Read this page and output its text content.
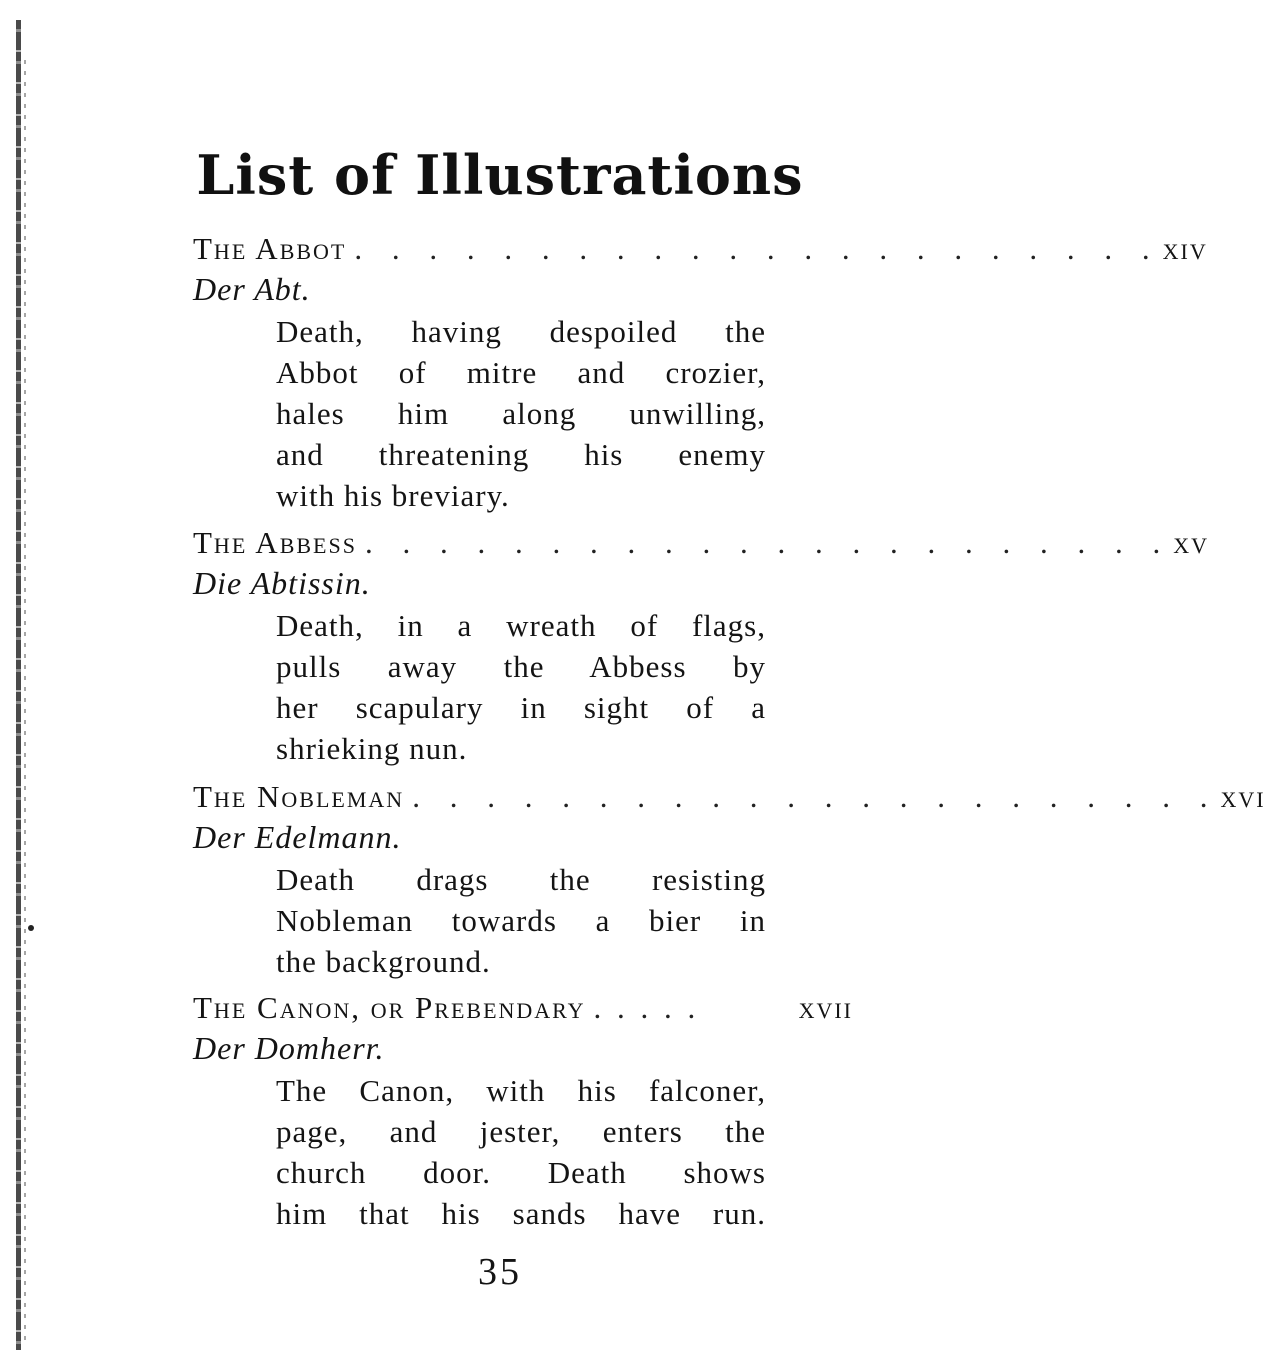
List of Illustrations
The Abbot . . . . . . . . . . . . . . . . . . . . . . xiv
Der Abt.
Death, having despoiled the
Abbot of mitre and crozier,
hales him along unwilling,
and threatening his enemy
with his breviary.
The Abbess . . . . . . . . . . . . . . . . . . . . . . xv
Die Abtissin.
Death, in a wreath of flags,
pulls away the Abbess by
her scapulary in sight of a
shrieking nun.
The Nobleman . . . . . . . . . . . . . . . . . . . . . . xvi
Der Edelmann.
Death drags the resisting
Nobleman towards a bier in
the background.
The Canon, or Prebendary . . . . .	xvii
Der Domherr.
The Canon, with his falconer,
page, and jester, enters the
church door. Death shows
him that his sands have run.
35
